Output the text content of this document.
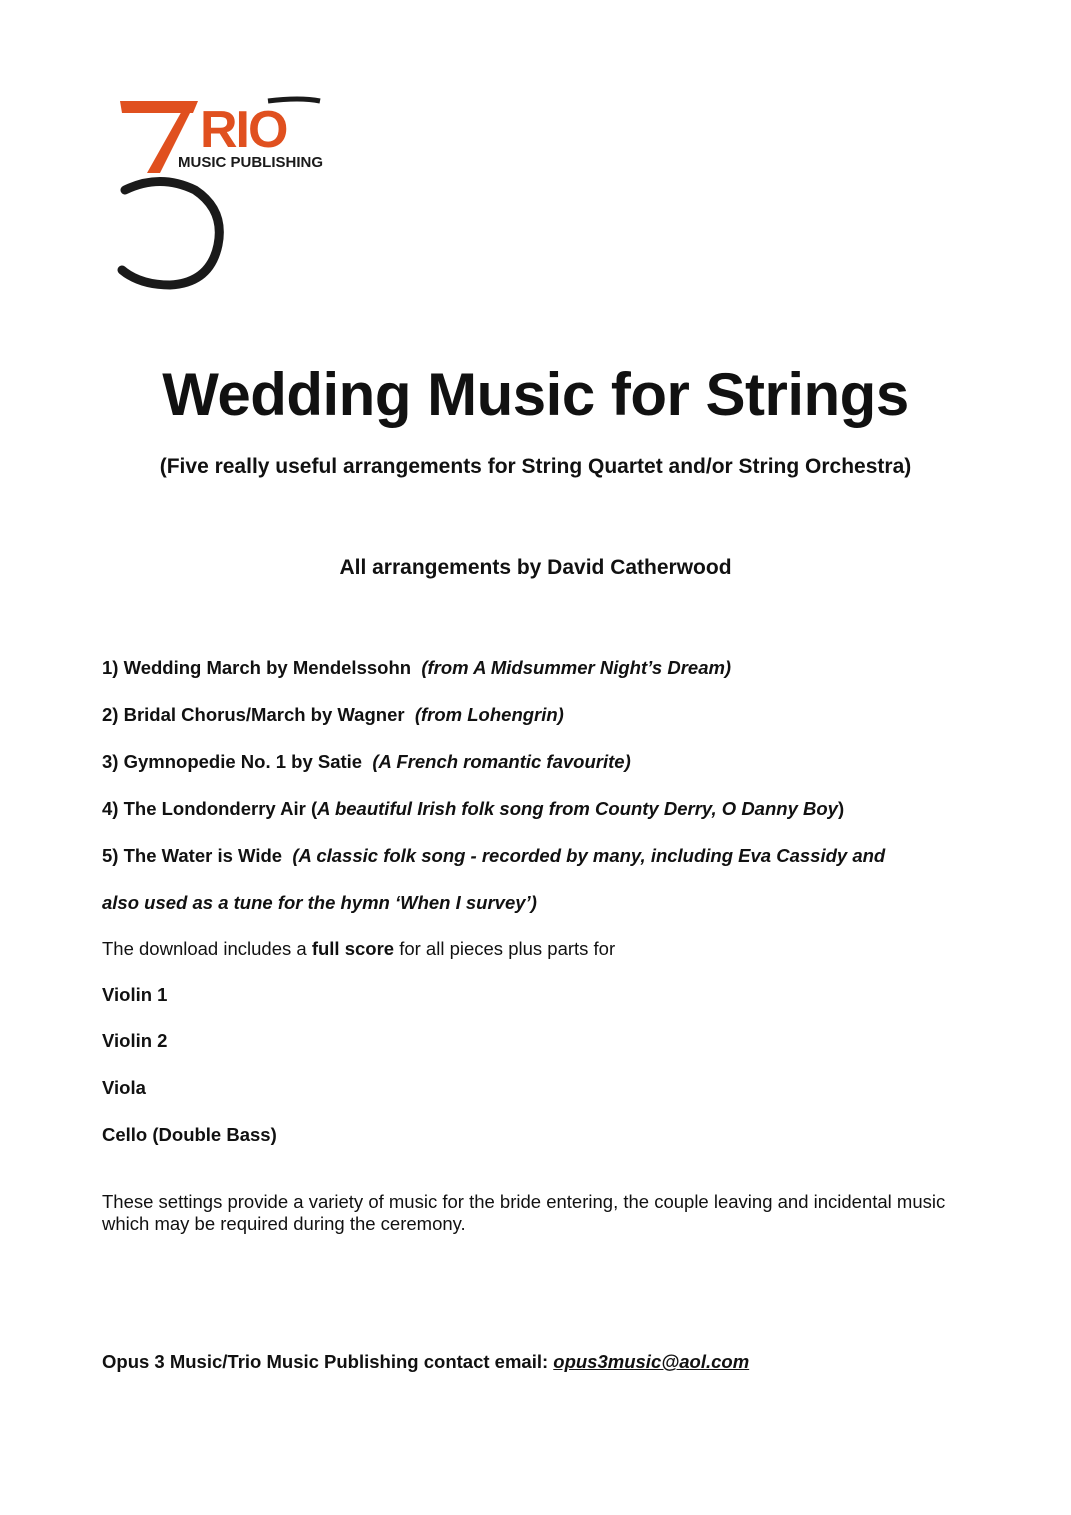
RIO
MUSIC PUBLISHING
Wedding Music for Strings

(Five really useful arrangements for String Quartet and/or String Orchestra)

All arrangements by David Catherwood

1) Wedding March by Mendelssohn (from A Midsummer Night’s Dream)

2) Bridal Chorus/March by Wagner (from Lohengrin)

3) Gymnopedie No. 1 by Satie (A French romantic favourite)

4) The Londonderry Air (A beautiful Irish folk song from County Derry, O Danny Boy)

5) The Water is Wide (A classic folk song - recorded by many, including Eva Cassidy and

also used as a tune for the hymn ‘When I survey’)

The download includes a full score for all pieces plus parts for

Violin 1

Violin 2

Viola

Cello (Double Bass)

These settings provide a variety of music for the bride entering, the couple leaving and incidental music which may be required during the ceremony.

Opus 3 Music/Trio Music Publishing contact email: opus3music@aol.com
